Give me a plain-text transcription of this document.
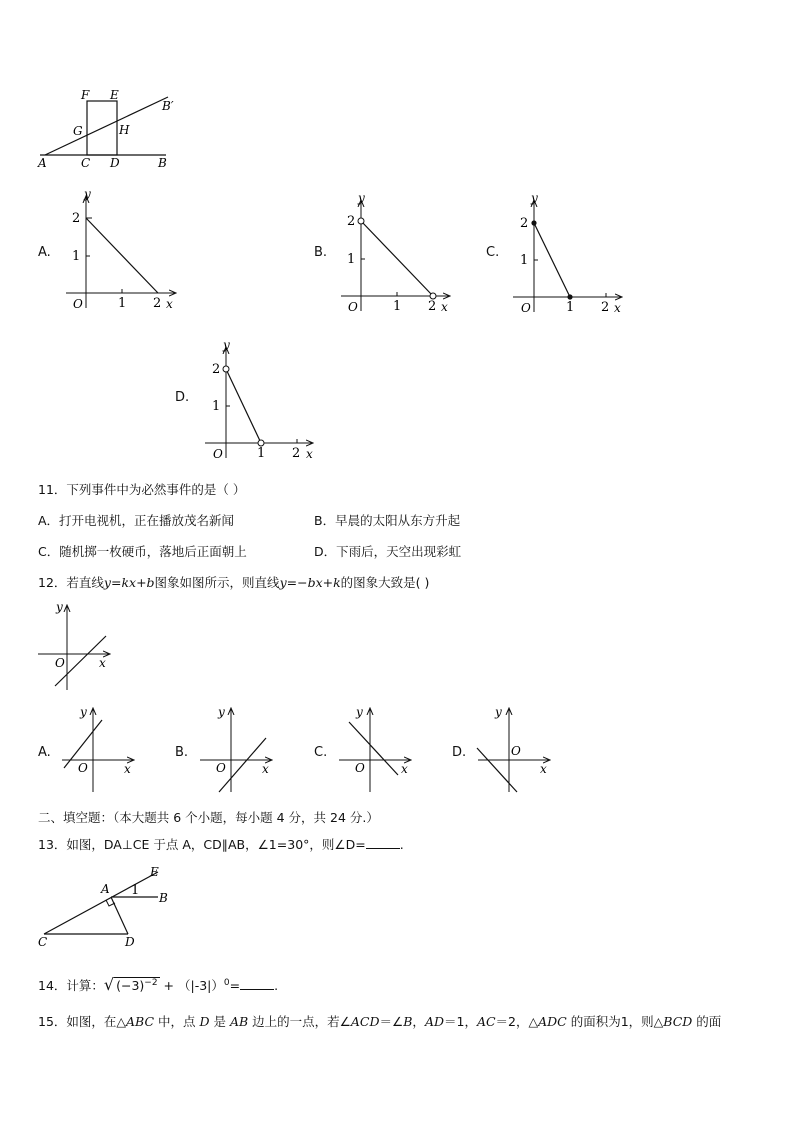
F E
B′
G	H
A	C D	B
A.	B.	C.
D.
y
x
O
2
1
1 2
y
x
O
2
1
1 2
y
x
O
2
1
1 2
y
x
O
2
1
1 2
11．下列事件中为必然事件的是（ ）
A．打开电视机，正在播放茂名新闻	B．早晨的太阳从东方升起
C．随机掷一枚硬币，落地后正面朝上	D．下雨后，天空出现彩虹
12．若直线y=kx+b图象如图所示，则直线y=−bx+k的图象大致是( )
A.	B.	C.	D.
y
x
O
y
x
O
y
x
O
y
x
O
y
x
O
二、填空题：（本大题共 6 个小题，每小题 4 分，共 24 分.）
13．如图，DA⊥CE 于点 A，CD∥AB，∠1=30°，则∠D=	.
E
A 1 B
C	D
14．计算：√ $(-3)^{-2} + (|-3|)^0=$	.
15．如图，在△ABC 中，点 D 是 AB 边上的一点，若∠ACD＝∠B，AD＝1，AC＝2，△ADC 的面积为1，则△BCD 的面
